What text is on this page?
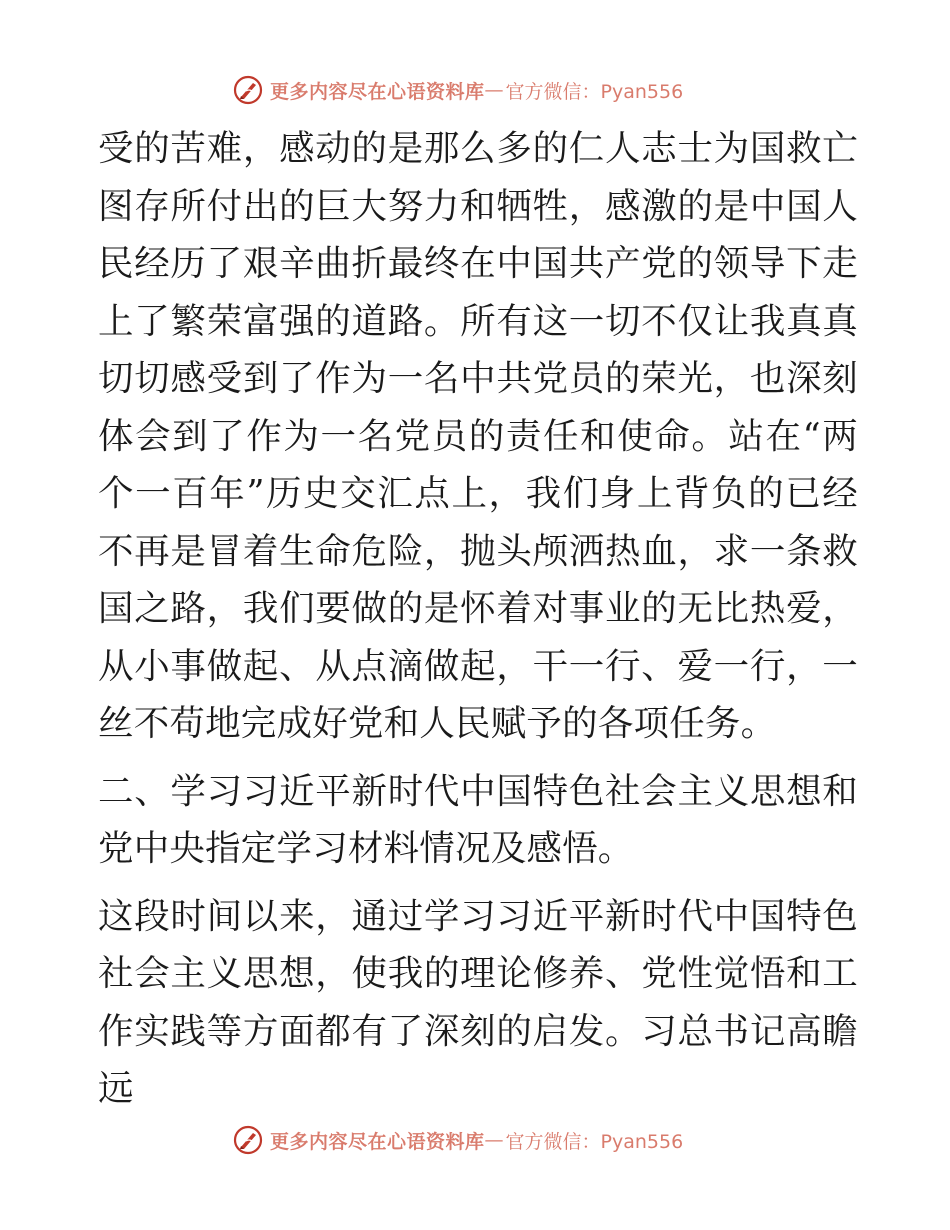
更多内容尽在心语资料库 — 官方微信：Pyan556

受的苦难，感动的是那么多的仁人志士为国救亡图存所付出的巨大努力和牺牲，感激的是中国人民经历了艰辛曲折最终在中国共产党的领导下走上了繁荣富强的道路。所有这一切不仅让我真真切切感受到了作为一名中共党员的荣光，也深刻体会到了作为一名党员的责任和使命。站在“两个一百年”历史交汇点上，我们身上背负的已经不再是冒着生命危险，抛头颅洒热血，求一条救国之路，我们要做的是怀着对事业的无比热爱，从小事做起、从点滴做起，干一行、爱一行，一丝不苟地完成好党和人民赋予的各项任务。

二、学习习近平新时代中国特色社会主义思想和党中央指定学习材料情况及感悟。

这段时间以来，通过学习习近平新时代中国特色社会主义思想，使我的理论修养、党性觉悟和工作实践等方面都有了深刻的启发。习总书记高瞻远

更多内容尽在心语资料库 — 官方微信：Pyan556
